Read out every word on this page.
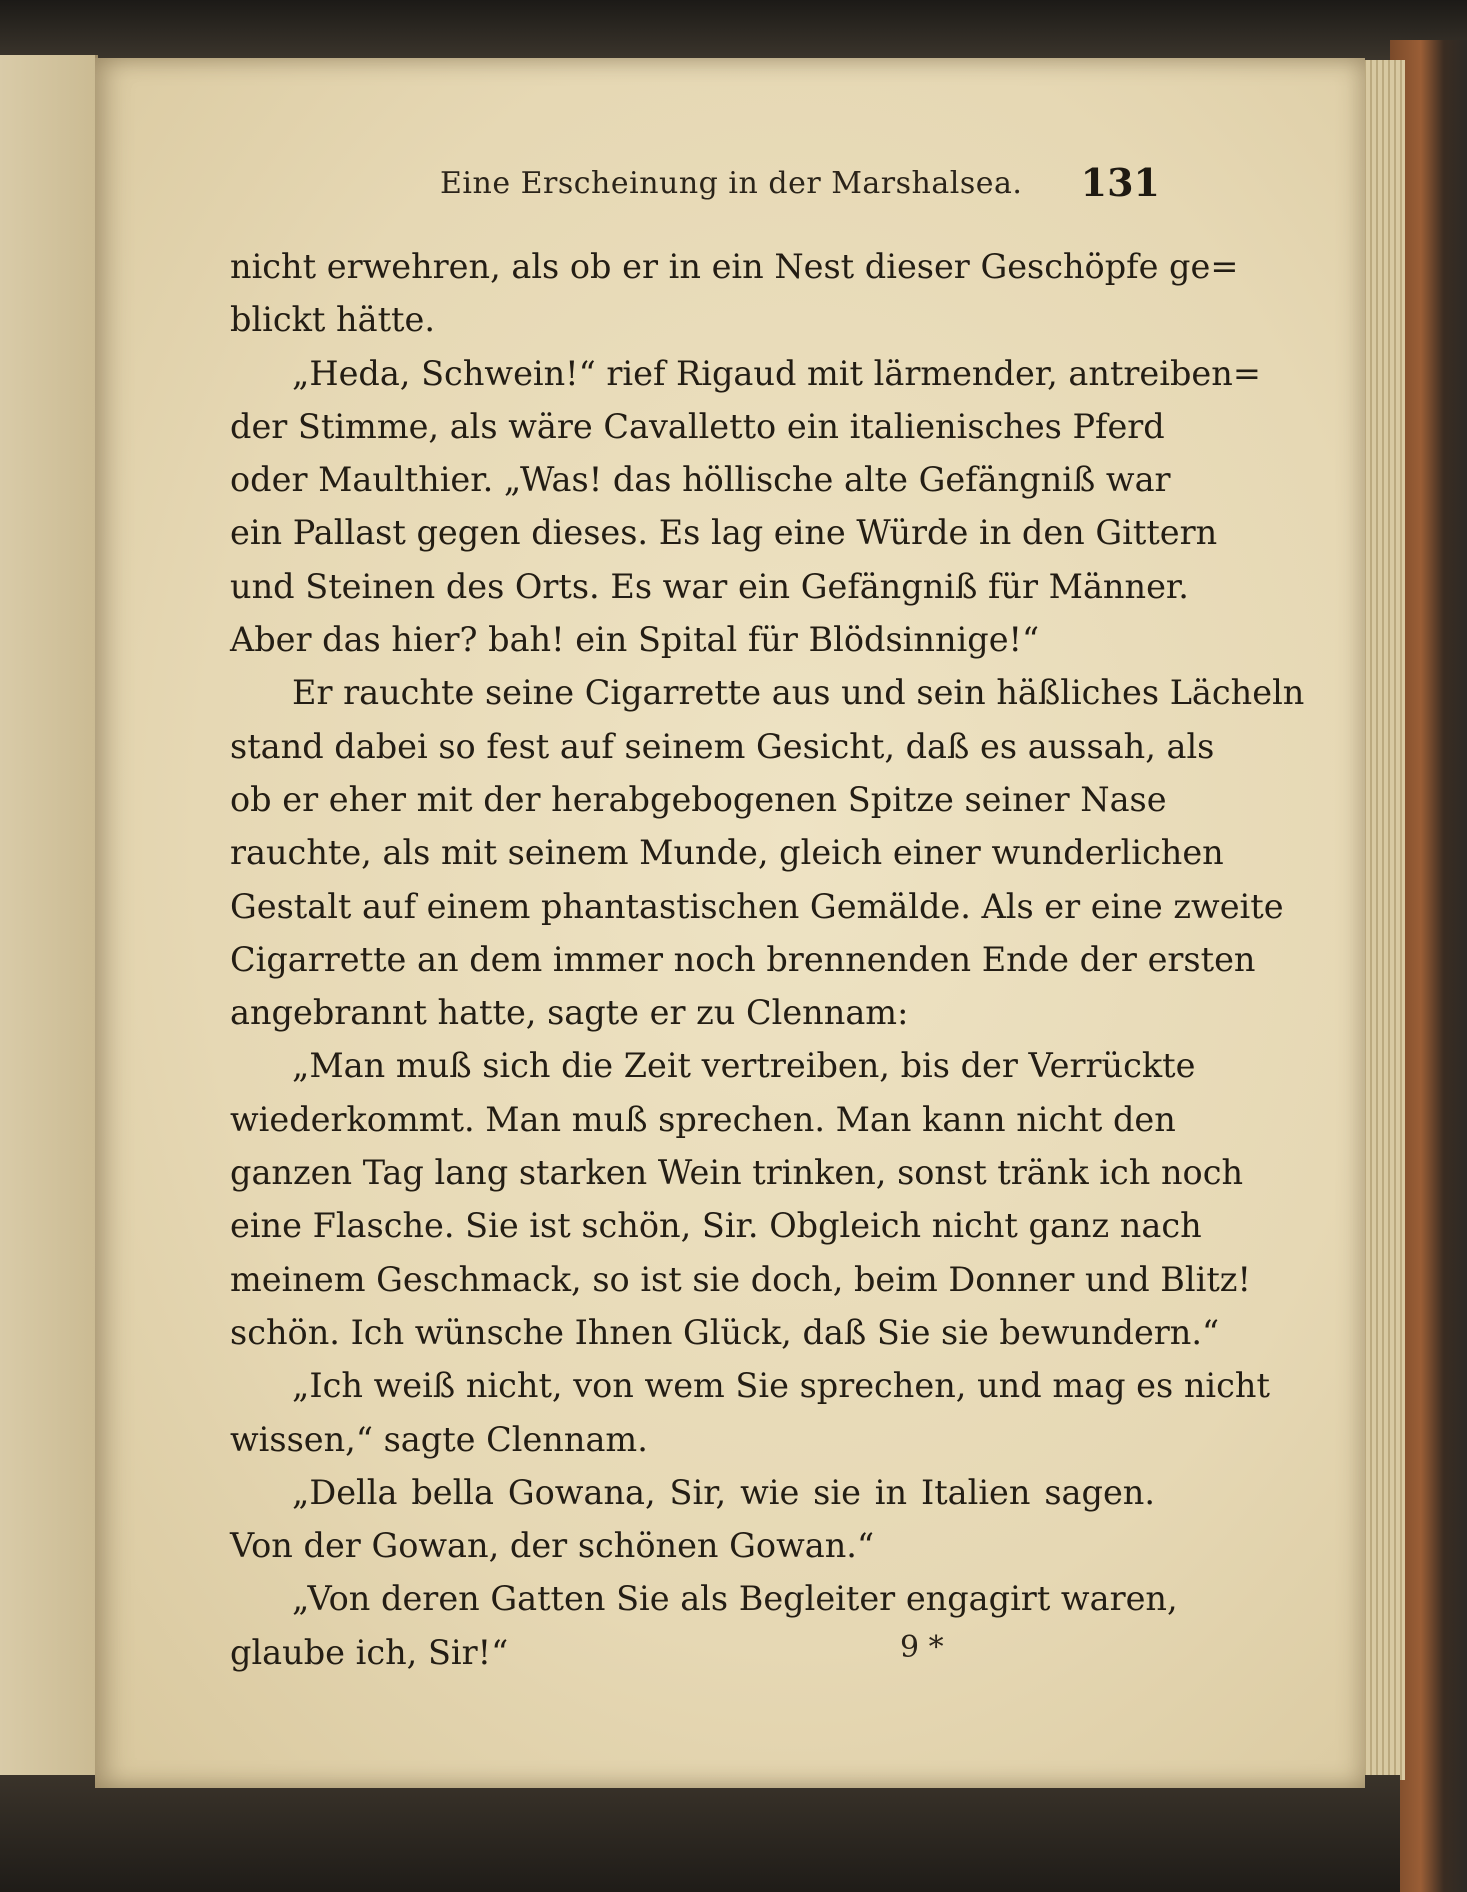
Eine Erscheinung in der Marshalsea. 131
nicht erwehren, als ob er in ein Nest dieser Geschöpfe ge=
blickt hätte.
„Heda, Schwein!“ rief Rigaud mit lärmender, antreiben=
der Stimme, als wäre Cavalletto ein italienisches Pferd
oder Maulthier. „Was! das höllische alte Gefängniß war
ein Pallast gegen dieses. Es lag eine Würde in den Gittern
und Steinen des Orts. Es war ein Gefängniß für Männer.
Aber das hier? bah! ein Spital für Blödsinnige!“
Er rauchte seine Cigarrette aus und sein häßliches Lächeln
stand dabei so fest auf seinem Gesicht, daß es aussah, als
ob er eher mit der herabgebogenen Spitze seiner Nase
rauchte, als mit seinem Munde, gleich einer wunderlichen
Gestalt auf einem phantastischen Gemälde. Als er eine zweite
Cigarrette an dem immer noch brennenden Ende der ersten
angebrannt hatte, sagte er zu Clennam:
„Man muß sich die Zeit vertreiben, bis der Verrückte
wiederkommt. Man muß sprechen. Man kann nicht den
ganzen Tag lang starken Wein trinken, sonst tränk ich noch
eine Flasche. Sie ist schön, Sir. Obgleich nicht ganz nach
meinem Geschmack, so ist sie doch, beim Donner und Blitz!
schön. Ich wünsche Ihnen Glück, daß Sie sie bewundern.“
„Ich weiß nicht, von wem Sie sprechen, und mag es nicht
wissen,“ sagte Clennam.
„Della bella Gowana, Sir, wie sie in Italien sagen.
Von der Gowan, der schönen Gowan.“
„Von deren Gatten Sie als Begleiter engagirt waren,
glaube ich, Sir!“	9 *
